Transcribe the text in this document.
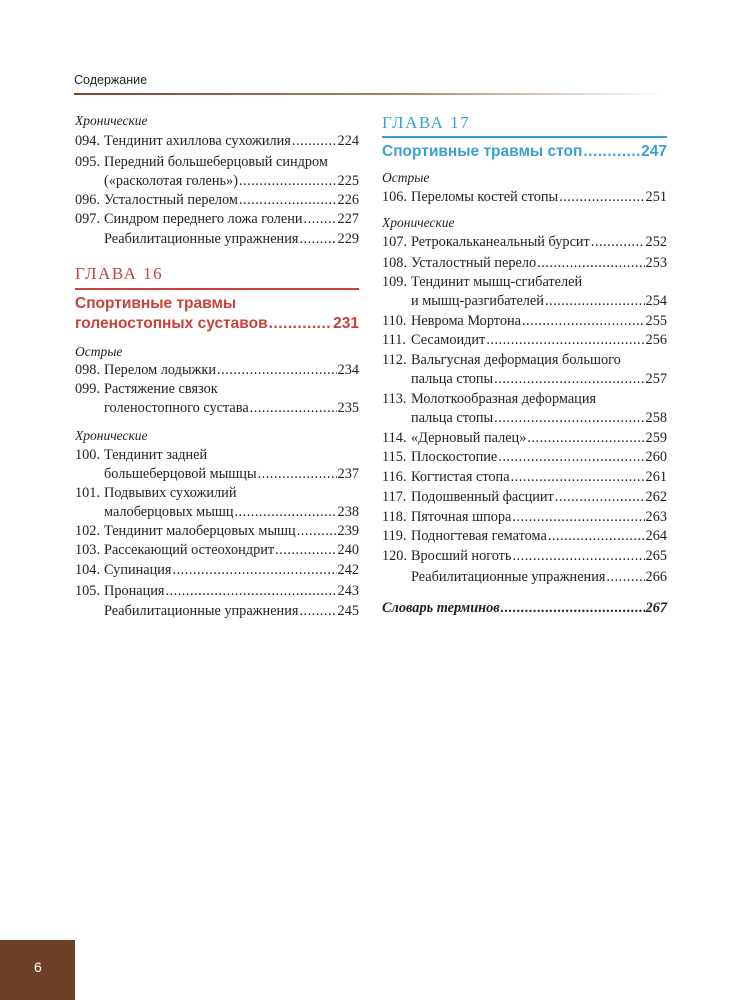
Содержание
Хронические
094. Тендинит ахиллова сухожилия .....	224
095. Передний большеберцовый синдром
(«расколотая голень») .....	225
096. Усталостный перелом .....	226
097. Синдром переднего ложа голени ..... 227
Реабилитационные упражнения .....	229
ГЛАВА 16
Спортивные травмы
голеностопных суставов .....	231
Острые
098. Перелом лодыжки .....	234
099. Растяжение связок
голеностопного сустава .....	235
Хронические
100. Тендинит задней
большеберцовой мышцы .....	237
101. Подвывих сухожилий
малоберцовых мышц .....	238
102. Тендинит малоберцовых мышц .....	239
103. Рассекающий остеохондрит .....	240
104. Супинация .....	242
105. Пронация .....	243
Реабилитационные упражнения .....	245
ГЛАВА 17
Спортивные травмы стоп .....	247
Острые
106. Переломы костей стопы .....	251
Хронические
107. Ретрокальканеальный бурсит .....	252
108. Усталостный перело .....	253
109. Тендинит мышц-сгибателей
и мышц-разгибателей .....	254
110. Неврома Мортона .....	255
111. Сесамоидит .....	256
112. Вальгусная деформация большого
пальца стопы .....	257
113. Молоткообразная деформация
пальца стопы .....	258
114. «Дерновый палец» .....	259
115. Плоскостопие .....	260
116. Когтистая стопа .....	261
117. Подошвенный фасциит .....	262
118. Пяточная шпора .....	263
119. Подногтевая гематома .....	264
120. Вросший ноготь .....	265
Реабилитационные упражнения .....	266
Словарь терминов .....	267
6
